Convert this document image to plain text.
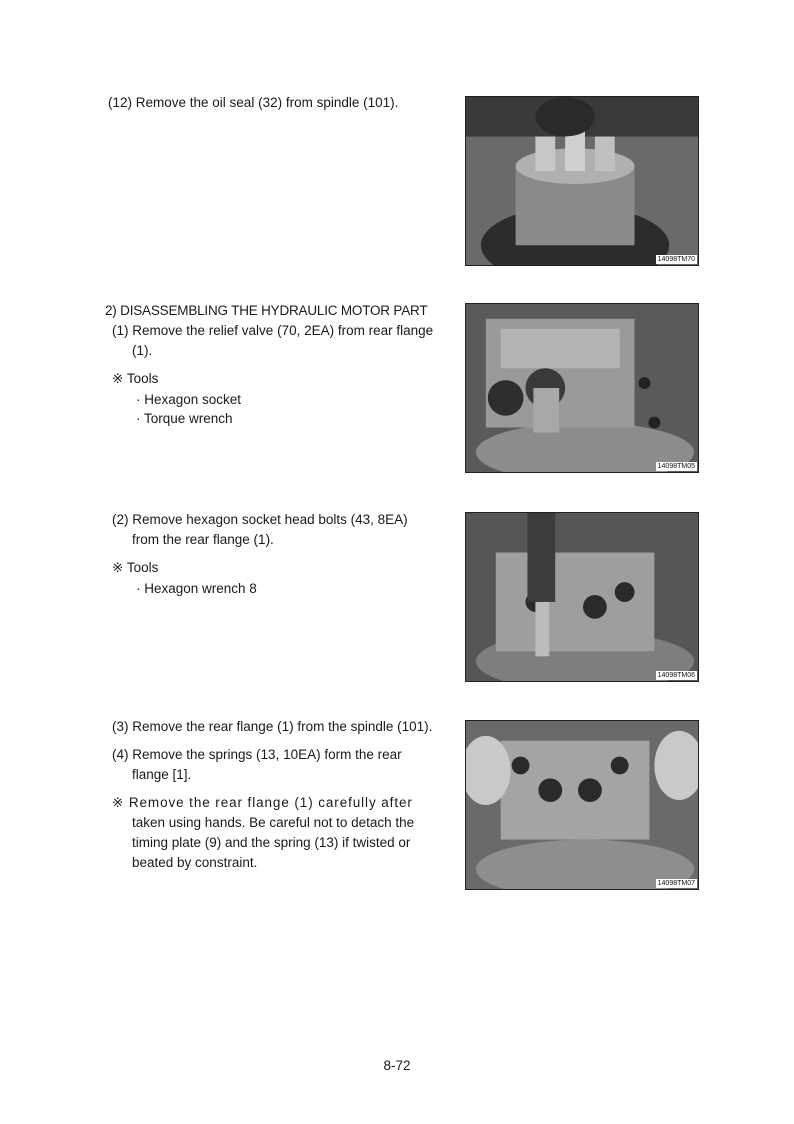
(12) Remove the oil seal (32) from spindle (101).
14098TM70
2) DISASSEMBLING THE HYDRAULIC MOTOR PART
(1) Remove the relief valve (70, 2EA) from rear flange
(1).
※ Tools
· Hexagon socket
· Torque wrench
14098TM05
(2) Remove hexagon socket head bolts (43, 8EA)
from the rear flange (1).
※ Tools
· Hexagon wrench 8
14098TM06
(3) Remove the rear flange (1) from the spindle (101).
(4) Remove the springs (13, 10EA) form the rear
flange [1].
※ Remove the rear flange (1) carefully after
taken using hands. Be careful not to detach the
timing plate (9) and the spring (13) if twisted or
beated by constraint.
14098TM07
8-72
